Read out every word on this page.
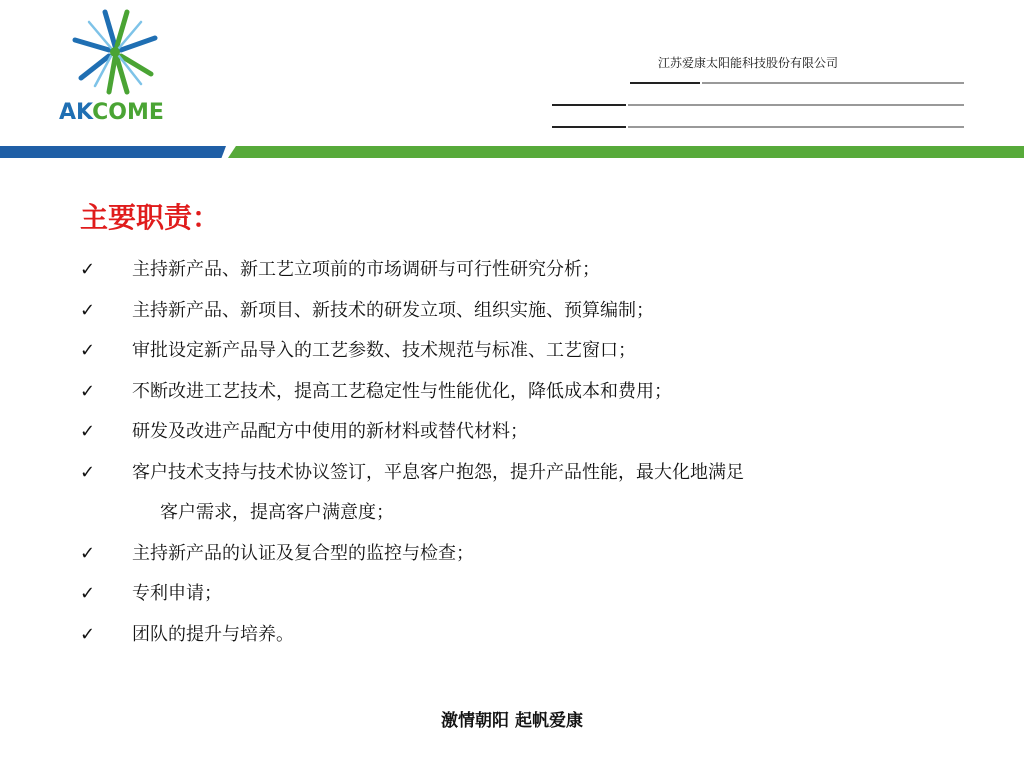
AKCOME
江苏爱康太阳能科技股份有限公司
主要职责：
✓	主持新产品、新工艺立项前的市场调研与可行性研究分析；
✓	主持新产品、新项目、新技术的研发立项、组织实施、预算编制；
✓	审批设定新产品导入的工艺参数、技术规范与标准、工艺窗口；
✓	不断改进工艺技术，提高工艺稳定性与性能优化，降低成本和费用；
✓	研发及改进产品配方中使用的新材料或替代材料；
✓	客户技术支持与技术协议签订，平息客户抱怨，提升产品性能，最大化地满足
客户需求，提高客户满意度；
✓	主持新产品的认证及复合型的监控与检查；
✓	专利申请；
✓	团队的提升与培养。
激情朝阳 起帆爱康
